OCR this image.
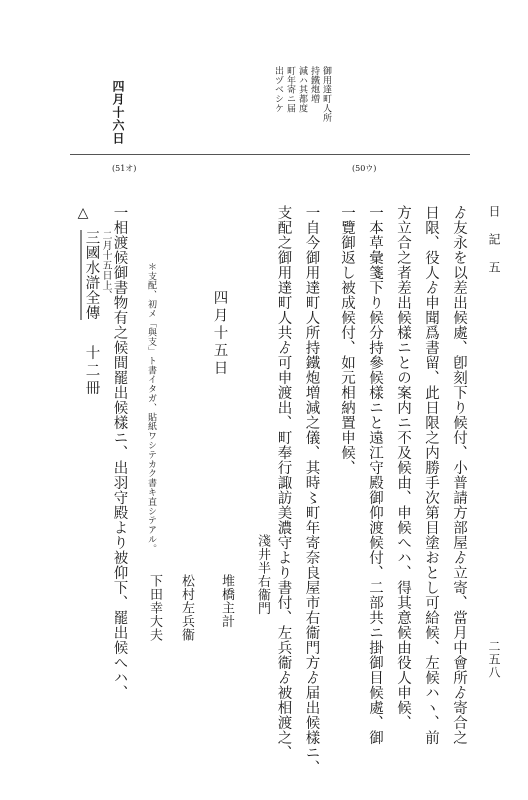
御用達町人所
持鐵炮増
減ハ其都度
町年寄ニ届
出ヅベシケ
四月十六日
(50ウ)
(51オ)
日　記　五
二五八
ゟ友永を以差出候處、卽刻下り候付、小普請方部屋ゟ立寄、當月中會所ゟ寄合之
日限、役人ゟ申聞爲書留、此日限之内勝手次第目塗おとし可給候、左候ハヽ、前
方立合之者差出候樣ニとの案内ニ不及候由、申候へハ、得其意候由役人申候、
一本草彙箋下り候分持參候樣ニと遠江守殿御仰渡候付、二部共ニ掛御目候處、御
一覽御返し被成候付、如元相納置申候、
淺井半右衞門
堆橋主計
松村左兵衞
下田幸大夫
四月十五日	一自今御用達町人所持鐵炮増減之儀、其時〻町年寄奈良屋市右衞門方ゟ届出候樣ニ、
支配之御用達町人共ゟ可申渡出、町奉行諏訪美濃守より書付、左兵衞ゟ被相渡之、
＊支配、初メ「與支」ト書イタガ、貼紙ワシテカク書キ直シテアル。
一相渡候御書物有之候間罷出候樣ニ、出羽守殿より被仰下、罷出候へハ、
二月十五日上、
△
三國水滸全傳
十二冊
